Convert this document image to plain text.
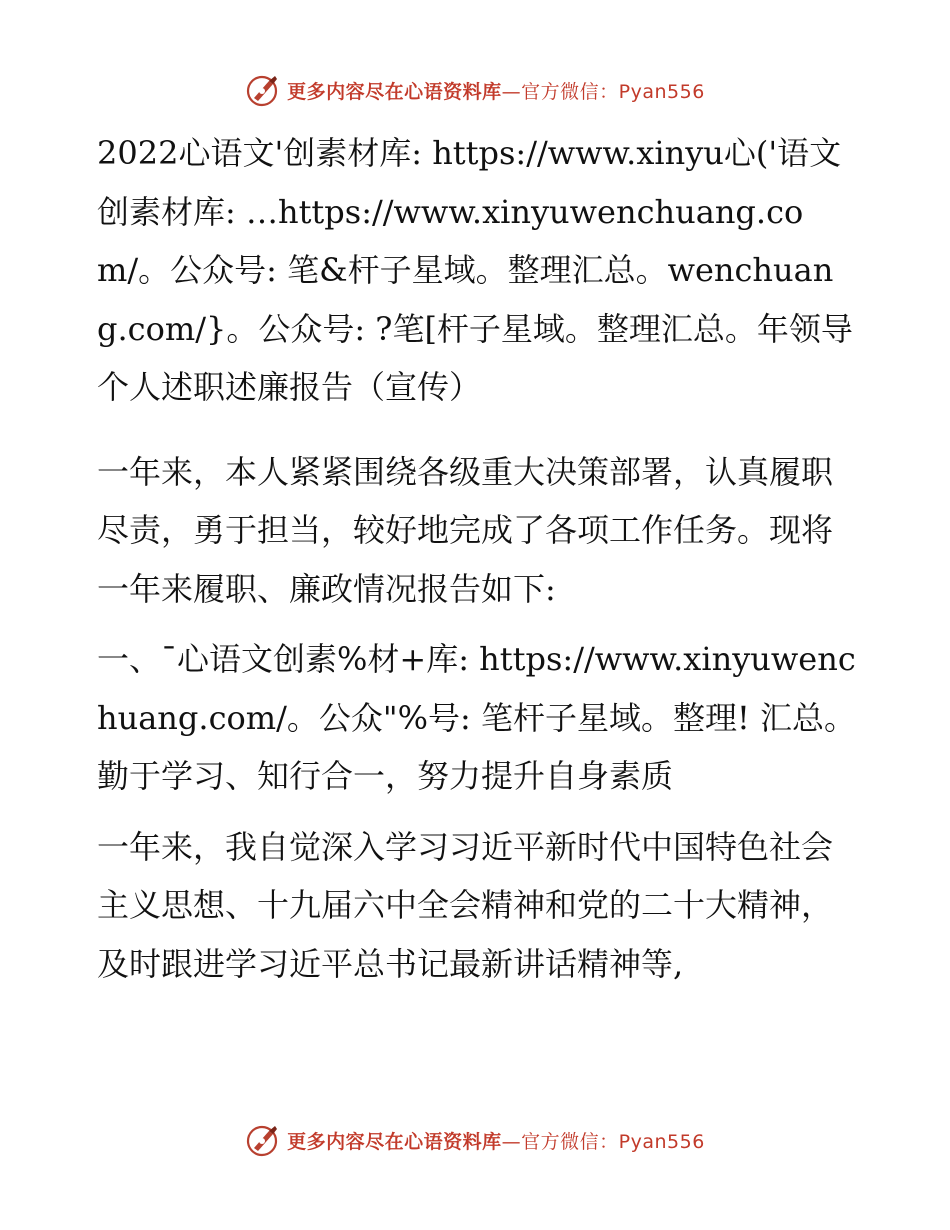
更多内容尽在心语资料库—官方微信：Pyan556

2022心语文'创素材库: https://www.xinyu心('语文创素材库: …https://www.xinyuwenchuang.com/。公众号: 笔&杆子星域。整理汇总。wenchuang.com/}。公众号: ?笔[杆子星域。整理汇总。年领导个人述职述廉报告（宣传）

一年来，本人紧紧围绕各级重大决策部署，认真履职尽责，勇于担当，较好地完成了各项工作任务。现将一年来履职、廉政情况报告如下:

一、¯心语文创素%材+库: https://www.xinyuwenchuang.com/。公众"%号: 笔杆子星域。整理! 汇总。勤于学习、知行合一，努力提升自身素质

一年来，我自觉深入学习习近平新时代中国特色社会主义思想、十九届六中全会精神和党的二十大精神，及时跟进学习近平总书记最新讲话精神等,

更多内容尽在心语资料库—官方微信：Pyan556
